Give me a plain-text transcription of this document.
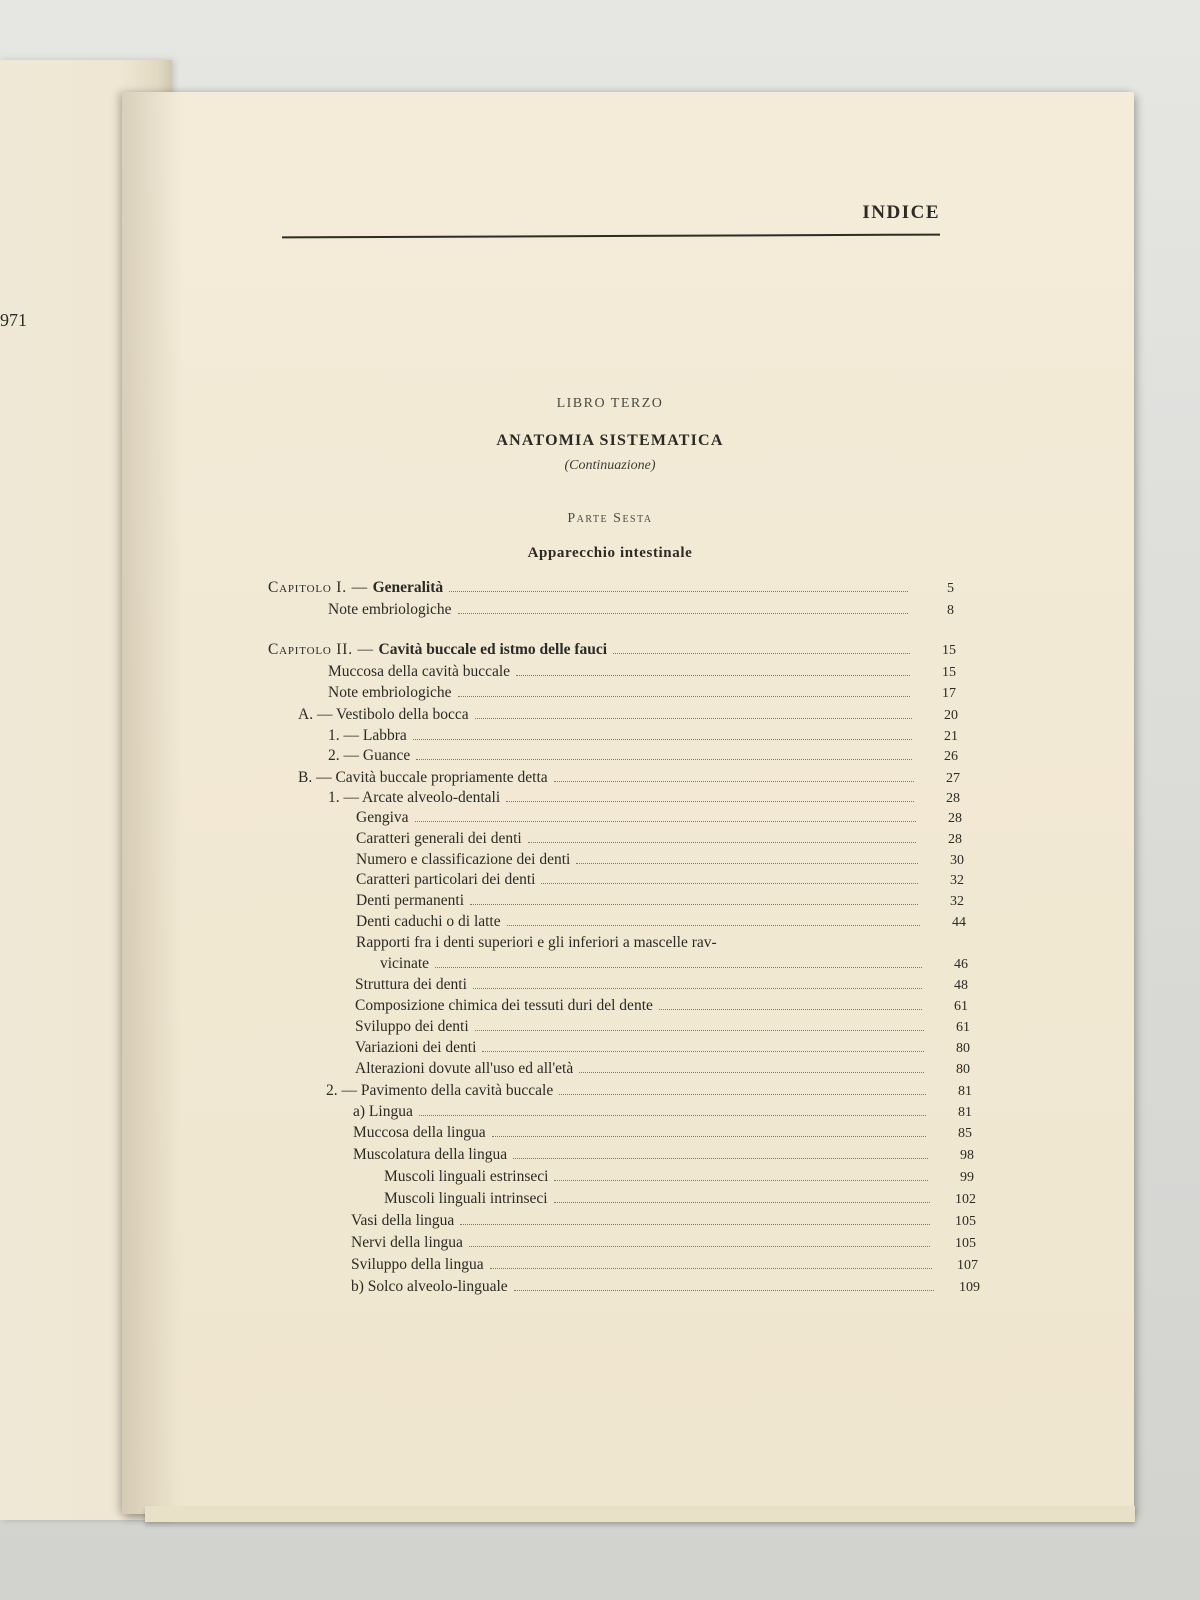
971
INDICE
LIBRO TERZO
ANATOMIA SISTEMATICA
(Continuazione)
Parte Sesta
Apparecchio intestinale
Capitolo I. — Generalità	5
Note embriologiche	8
Capitolo II. — Cavità buccale ed istmo delle fauci	15
Muccosa della cavità buccale	15
Note embriologiche	17
A. — Vestibolo della bocca	20
1. — Labbra	21
2. — Guance	26
B. — Cavità buccale propriamente detta	27
1. — Arcate alveolo-dentali	28
Gengiva	28
Caratteri generali dei denti	28
Numero e classificazione dei denti	30
Caratteri particolari dei denti	32
Denti permanenti	32
Denti caduchi o di latte	44
Rapporti fra i denti superiori e gli inferiori a mascelle rav-
vicinate	46
Struttura dei denti	48
Composizione chimica dei tessuti duri del dente	61
Sviluppo dei denti	61
Variazioni dei denti	80
Alterazioni dovute all'uso ed all'età	80
2. — Pavimento della cavità buccale	81
a) Lingua	81
Muccosa della lingua	85
Muscolatura della lingua	98
Muscoli linguali estrinseci	99
Muscoli linguali intrinseci	102
Vasi della lingua	105
Nervi della lingua	105
Sviluppo della lingua	107
b) Solco alveolo-linguale	109
